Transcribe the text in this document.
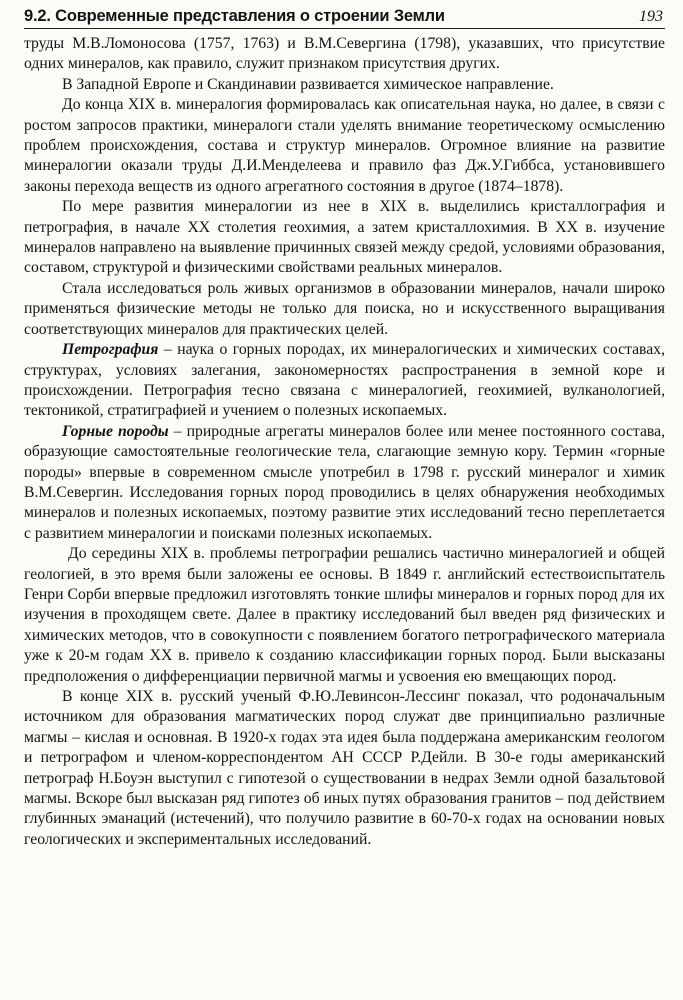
9.2. Современные представления о строении Земли	193

труды М.В.Ломоносова (1757, 1763) и В.М.Севергина (1798), указавших, что присутствие одних минералов, как правило, служит признаком присутствия других.

В Западной Европе и Скандинавии развивается химическое направление.

До конца XIX в. минералогия формировалась как описательная наука, но далее, в связи с ростом запросов практики, минералоги стали уделять внимание теоретическому осмыслению проблем происхождения, состава и структур минералов. Огромное влияние на развитие минералогии оказали труды Д.И.Менделеева и правило фаз Дж.У.Гиббса, установившего законы перехода веществ из одного агрегатного состояния в другое (1874–1878).

По мере развития минералогии из нее в XIX в. выделились кристаллография и петрография, в начале XX столетия геохимия, а затем кристаллохимия. В XX в. изучение минералов направлено на выявление причинных связей между средой, условиями образования, составом, структурой и физическими свойствами реальных минералов.

Стала исследоваться роль живых организмов в образовании минералов, начали широко применяться физические методы не только для поиска, но и искусственного выращивания соответствующих минералов для практических целей.

Петрография – наука о горных породах, их минералогических и химических составах, структурах, условиях залегания, закономерностях распространения в земной коре и происхождении. Петрография тесно связана с минералогией, геохимией, вулканологией, тектоникой, стратиграфией и учением о полезных ископаемых.

Горные породы – природные агрегаты минералов более или менее постоянного состава, образующие самостоятельные геологические тела, слагающие земную кору. Термин «горные породы» впервые в современном смысле употребил в 1798 г. русский минералог и химик В.М.Севергин. Исследования горных пород проводились в целях обнаружения необходимых минералов и полезных ископаемых, поэтому развитие этих исследований тесно переплетается с развитием минералогии и поисками полезных ископаемых.

До середины XIX в. проблемы петрографии решались частично минералогией и общей геологией, в это время были заложены ее основы. В 1849 г. английский естествоиспытатель Генри Сорби впервые предложил изготовлять тонкие шлифы минералов и горных пород для их изучения в проходящем свете. Далее в практику исследований был введен ряд физических и химических методов, что в совокупности с появлением богатого петрографического материала уже к 20-м годам XX в. привело к созданию классификации горных пород. Были высказаны предположения о дифференциации первичной магмы и усвоения ею вмещающих пород.

В конце XIX в. русский ученый Ф.Ю.Левинсон-Лессинг показал, что родоначальным источником для образования магматических пород служат две принципиально различные магмы – кислая и основная. В 1920-х годах эта идея была поддержана американским геологом и петрографом и членом-корреспондентом АН СССР Р.Дейли. В 30-е годы американский петрограф Н.Боуэн выступил с гипотезой о существовании в недрах Земли одной базальтовой магмы. Вскоре был высказан ряд гипотез об иных путях образования гранитов – под действием глубинных эманаций (истечений), что получило развитие в 60-70-х годах на основании новых геологических и экспериментальных исследований.
